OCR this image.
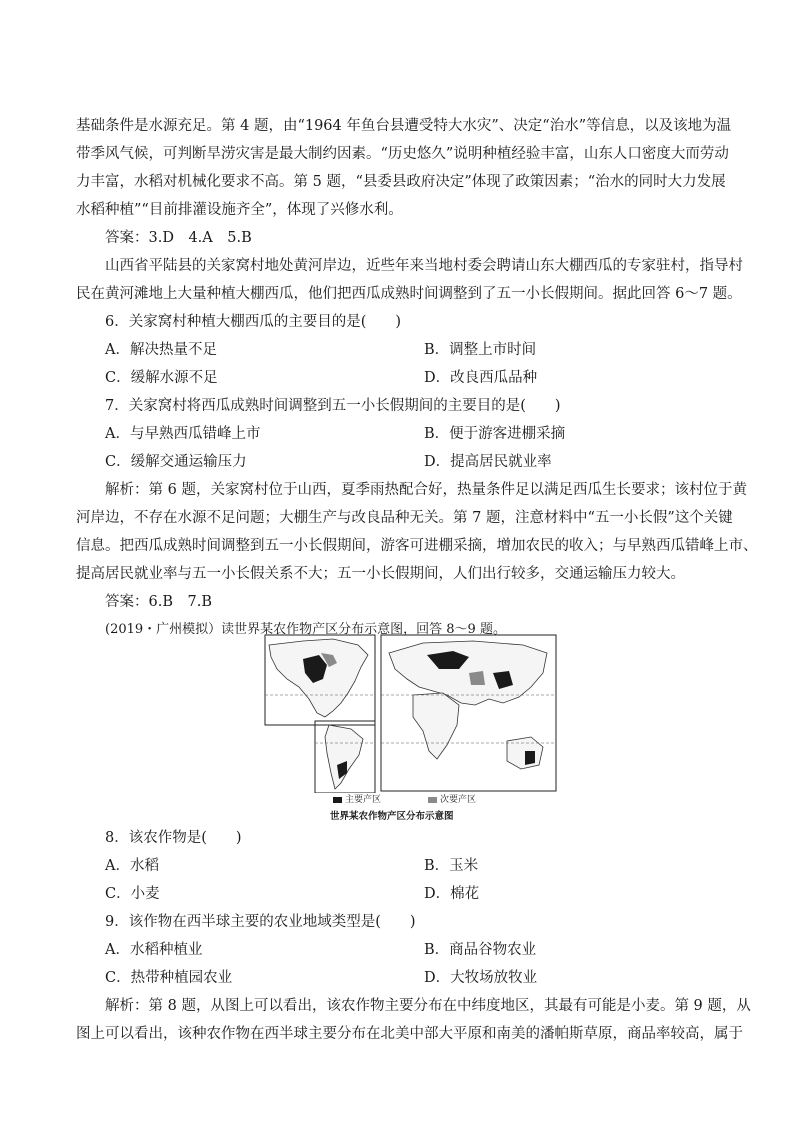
基础条件是水源充足。第 4 题，由“1964 年鱼台县遭受特大水灾”、决定“治水”等信息，以及该地为温
带季风气候，可判断旱涝灾害是最大制约因素。“历史悠久”说明种植经验丰富，山东人口密度大而劳动
力丰富，水稻对机械化要求不高。第 5 题，“县委县政府决定”体现了政策因素；“治水的同时大力发展
水稻种植”“目前排灌设施齐全”，体现了兴修水利。
答案：3.D　4.A　5.B
山西省平陆县的关家窝村地处黄河岸边，近些年来当地村委会聘请山东大棚西瓜的专家驻村，指导村
民在黄河滩地上大量种植大棚西瓜，他们把西瓜成熟时间调整到了五一小长假期间。据此回答 6～7 题。
6．关家窝村种植大棚西瓜的主要目的是(　　)
A．解决热量不足	B．调整上市时间
C．缓解水源不足	D．改良西瓜品种
7．关家窝村将西瓜成熟时间调整到五一小长假期间的主要目的是(　　)
A．与早熟西瓜错峰上市	B．便于游客进棚采摘
C．缓解交通运输压力	D．提高居民就业率
解析：第 6 题，关家窝村位于山西，夏季雨热配合好，热量条件足以满足西瓜生长要求；该村位于黄
河岸边，不存在水源不足问题；大棚生产与改良品种无关。第 7 题，注意材料中“五一小长假”这个关键
信息。把西瓜成熟时间调整到五一小长假期间，游客可进棚采摘，增加农民的收入；与早熟西瓜错峰上市、
提高居民就业率与五一小长假关系不大；五一小长假期间，人们出行较多，交通运输压力较大。
答案：6.B　7.B
(2019・广州模拟）读世界某农作物产区分布示意图，回答 8～9 题。
主要产区	次要产区
世界某农作物产区分布示意图
8．该农作物是(　　)
A．水稻	B．玉米
C．小麦	D．棉花
9．该作物在西半球主要的农业地域类型是(　　)
A．水稻种植业	B．商品谷物农业
C．热带种植园农业	D．大牧场放牧业
解析：第 8 题，从图上可以看出，该农作物主要分布在中纬度地区，其最有可能是小麦。第 9 题，从
图上可以看出，该种农作物在西半球主要分布在北美中部大平原和南美的潘帕斯草原，商品率较高，属于
